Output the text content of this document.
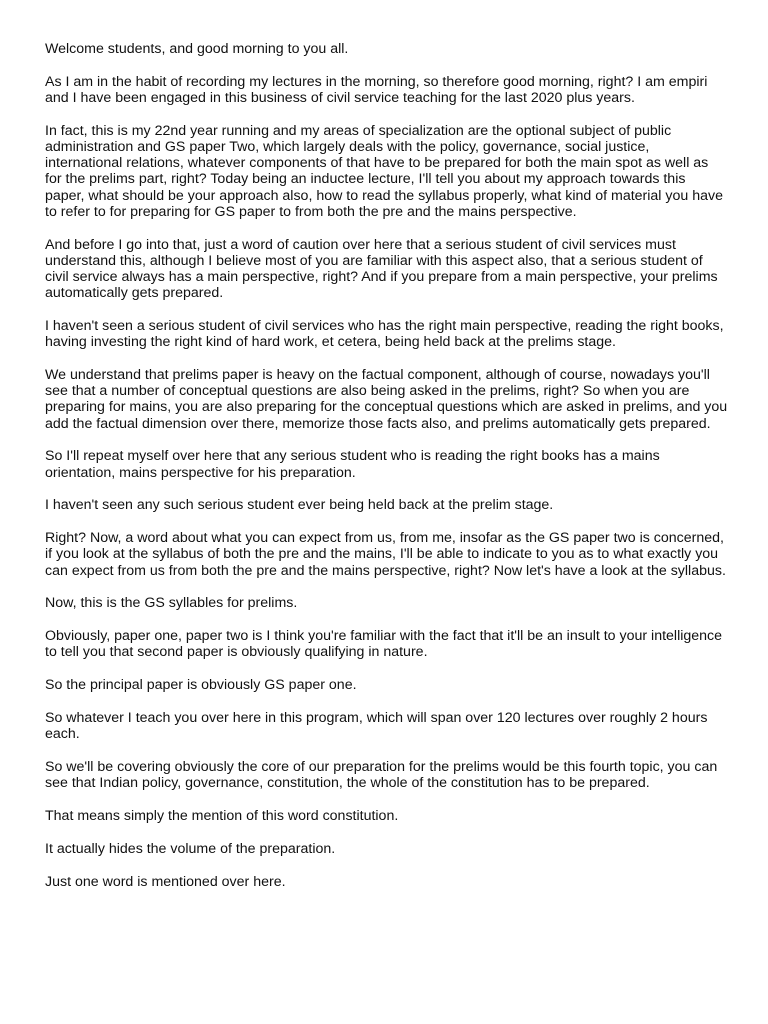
Welcome students, and good morning to you all.

As I am in the habit of recording my lectures in the morning, so therefore good morning, right? I am empiri and I have been engaged in this business of civil service teaching for the last 2020 plus years.

In fact, this is my 22nd year running and my areas of specialization are the optional subject of public administration and GS paper Two, which largely deals with the policy, governance, social justice, international relations, whatever components of that have to be prepared for both the main spot as well as for the prelims part, right? Today being an inductee lecture, I'll tell you about my approach towards this paper, what should be your approach also, how to read the syllabus properly, what kind of material you have to refer to for preparing for GS paper to from both the pre and the mains perspective.

And before I go into that, just a word of caution over here that a serious student of civil services must understand this, although I believe most of you are familiar with this aspect also, that a serious student of civil service always has a main perspective, right? And if you prepare from a main perspective, your prelims automatically gets prepared.

I haven't seen a serious student of civil services who has the right main perspective, reading the right books, having investing the right kind of hard work, et cetera, being held back at the prelims stage.

We understand that prelims paper is heavy on the factual component, although of course, nowadays you'll see that a number of conceptual questions are also being asked in the prelims, right? So when you are preparing for mains, you are also preparing for the conceptual questions which are asked in prelims, and you add the factual dimension over there, memorize those facts also, and prelims automatically gets prepared.

So I'll repeat myself over here that any serious student who is reading the right books has a mains orientation, mains perspective for his preparation.

I haven't seen any such serious student ever being held back at the prelim stage.

Right? Now, a word about what you can expect from us, from me, insofar as the GS paper two is concerned, if you look at the syllabus of both the pre and the mains, I'll be able to indicate to you as to what exactly you can expect from us from both the pre and the mains perspective, right? Now let's have a look at the syllabus.

Now, this is the GS syllables for prelims.

Obviously, paper one, paper two is I think you're familiar with the fact that it'll be an insult to your intelligence to tell you that second paper is obviously qualifying in nature.

So the principal paper is obviously GS paper one.

So whatever I teach you over here in this program, which will span over 120 lectures over roughly 2 hours each.

So we'll be covering obviously the core of our preparation for the prelims would be this fourth topic, you can see that Indian policy, governance, constitution, the whole of the constitution has to be prepared.

That means simply the mention of this word constitution.

It actually hides the volume of the preparation.

Just one word is mentioned over here.
